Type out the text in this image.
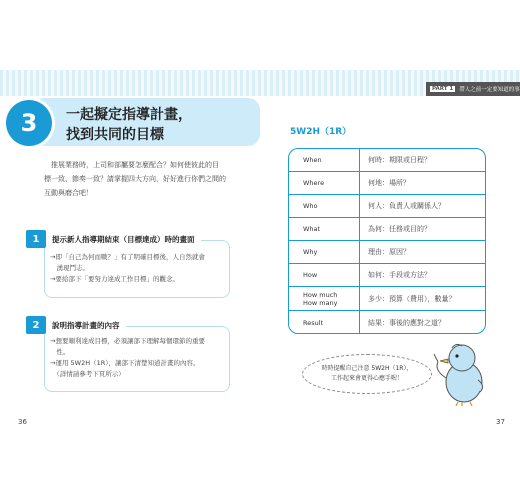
PART 1	帶人之前一定要知道的事
3	一起擬定指導計畫，
找到共同的目標
推展業務時，上司和部屬要怎麼配合？如何使彼此的目
標一致、節奏一致？請掌握四大方向，好好進行你們之間的
互動與磨合吧！
1	提示新人指導期結束（目標達成）時的畫面
→即「自己為何而戰？」有了明確目標後，人自然就會
　湧現鬥志。
→要給部下「要努力達成工作目標」的觀念。
2	說明指導計畫的內容
→想要順利達成目標，必須讓部下理解每個環節的重要
　性。
→運用 5W2H（1R），讓部下清楚知道計畫的內容。
　（詳情請參考下頁所示）
36
5W2H（1R）
When	何時：期限或日程？
Where	何地：場所？
Who	何人：負責人或關係人？
What	為何：任務或目的？
Why	理由：原因？
How	如何：手段或方法？
How much
How many	多少：預算（費用），數量？
Result	結果：事後的應對之道？
時時提醒自己注意 5W2H（1R），
工作起來會更得心應手喔！
37
